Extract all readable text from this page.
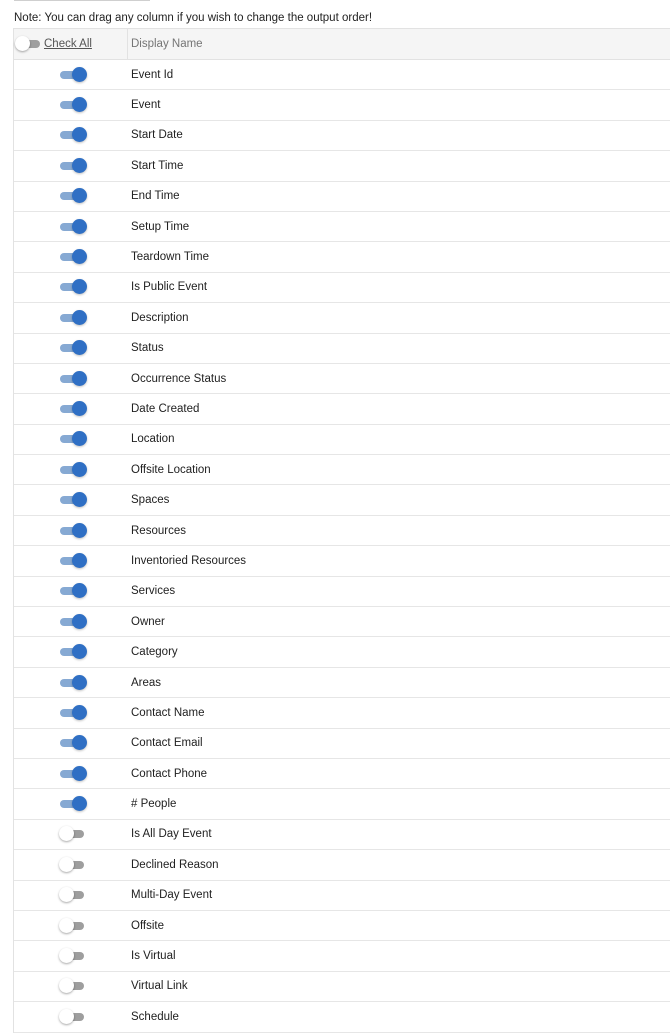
Note: You can drag any column if you wish to change the output order!
Check All	Display Name
Event Id
Event
Start Date
Start Time
End Time
Setup Time
Teardown Time
Is Public Event
Description
Status
Occurrence Status
Date Created
Location
Offsite Location
Spaces
Resources
Inventoried Resources
Services
Owner
Category
Areas
Contact Name
Contact Email
Contact Phone
# People
Is All Day Event
Declined Reason
Multi-Day Event
Offsite
Is Virtual
Virtual Link
Schedule
